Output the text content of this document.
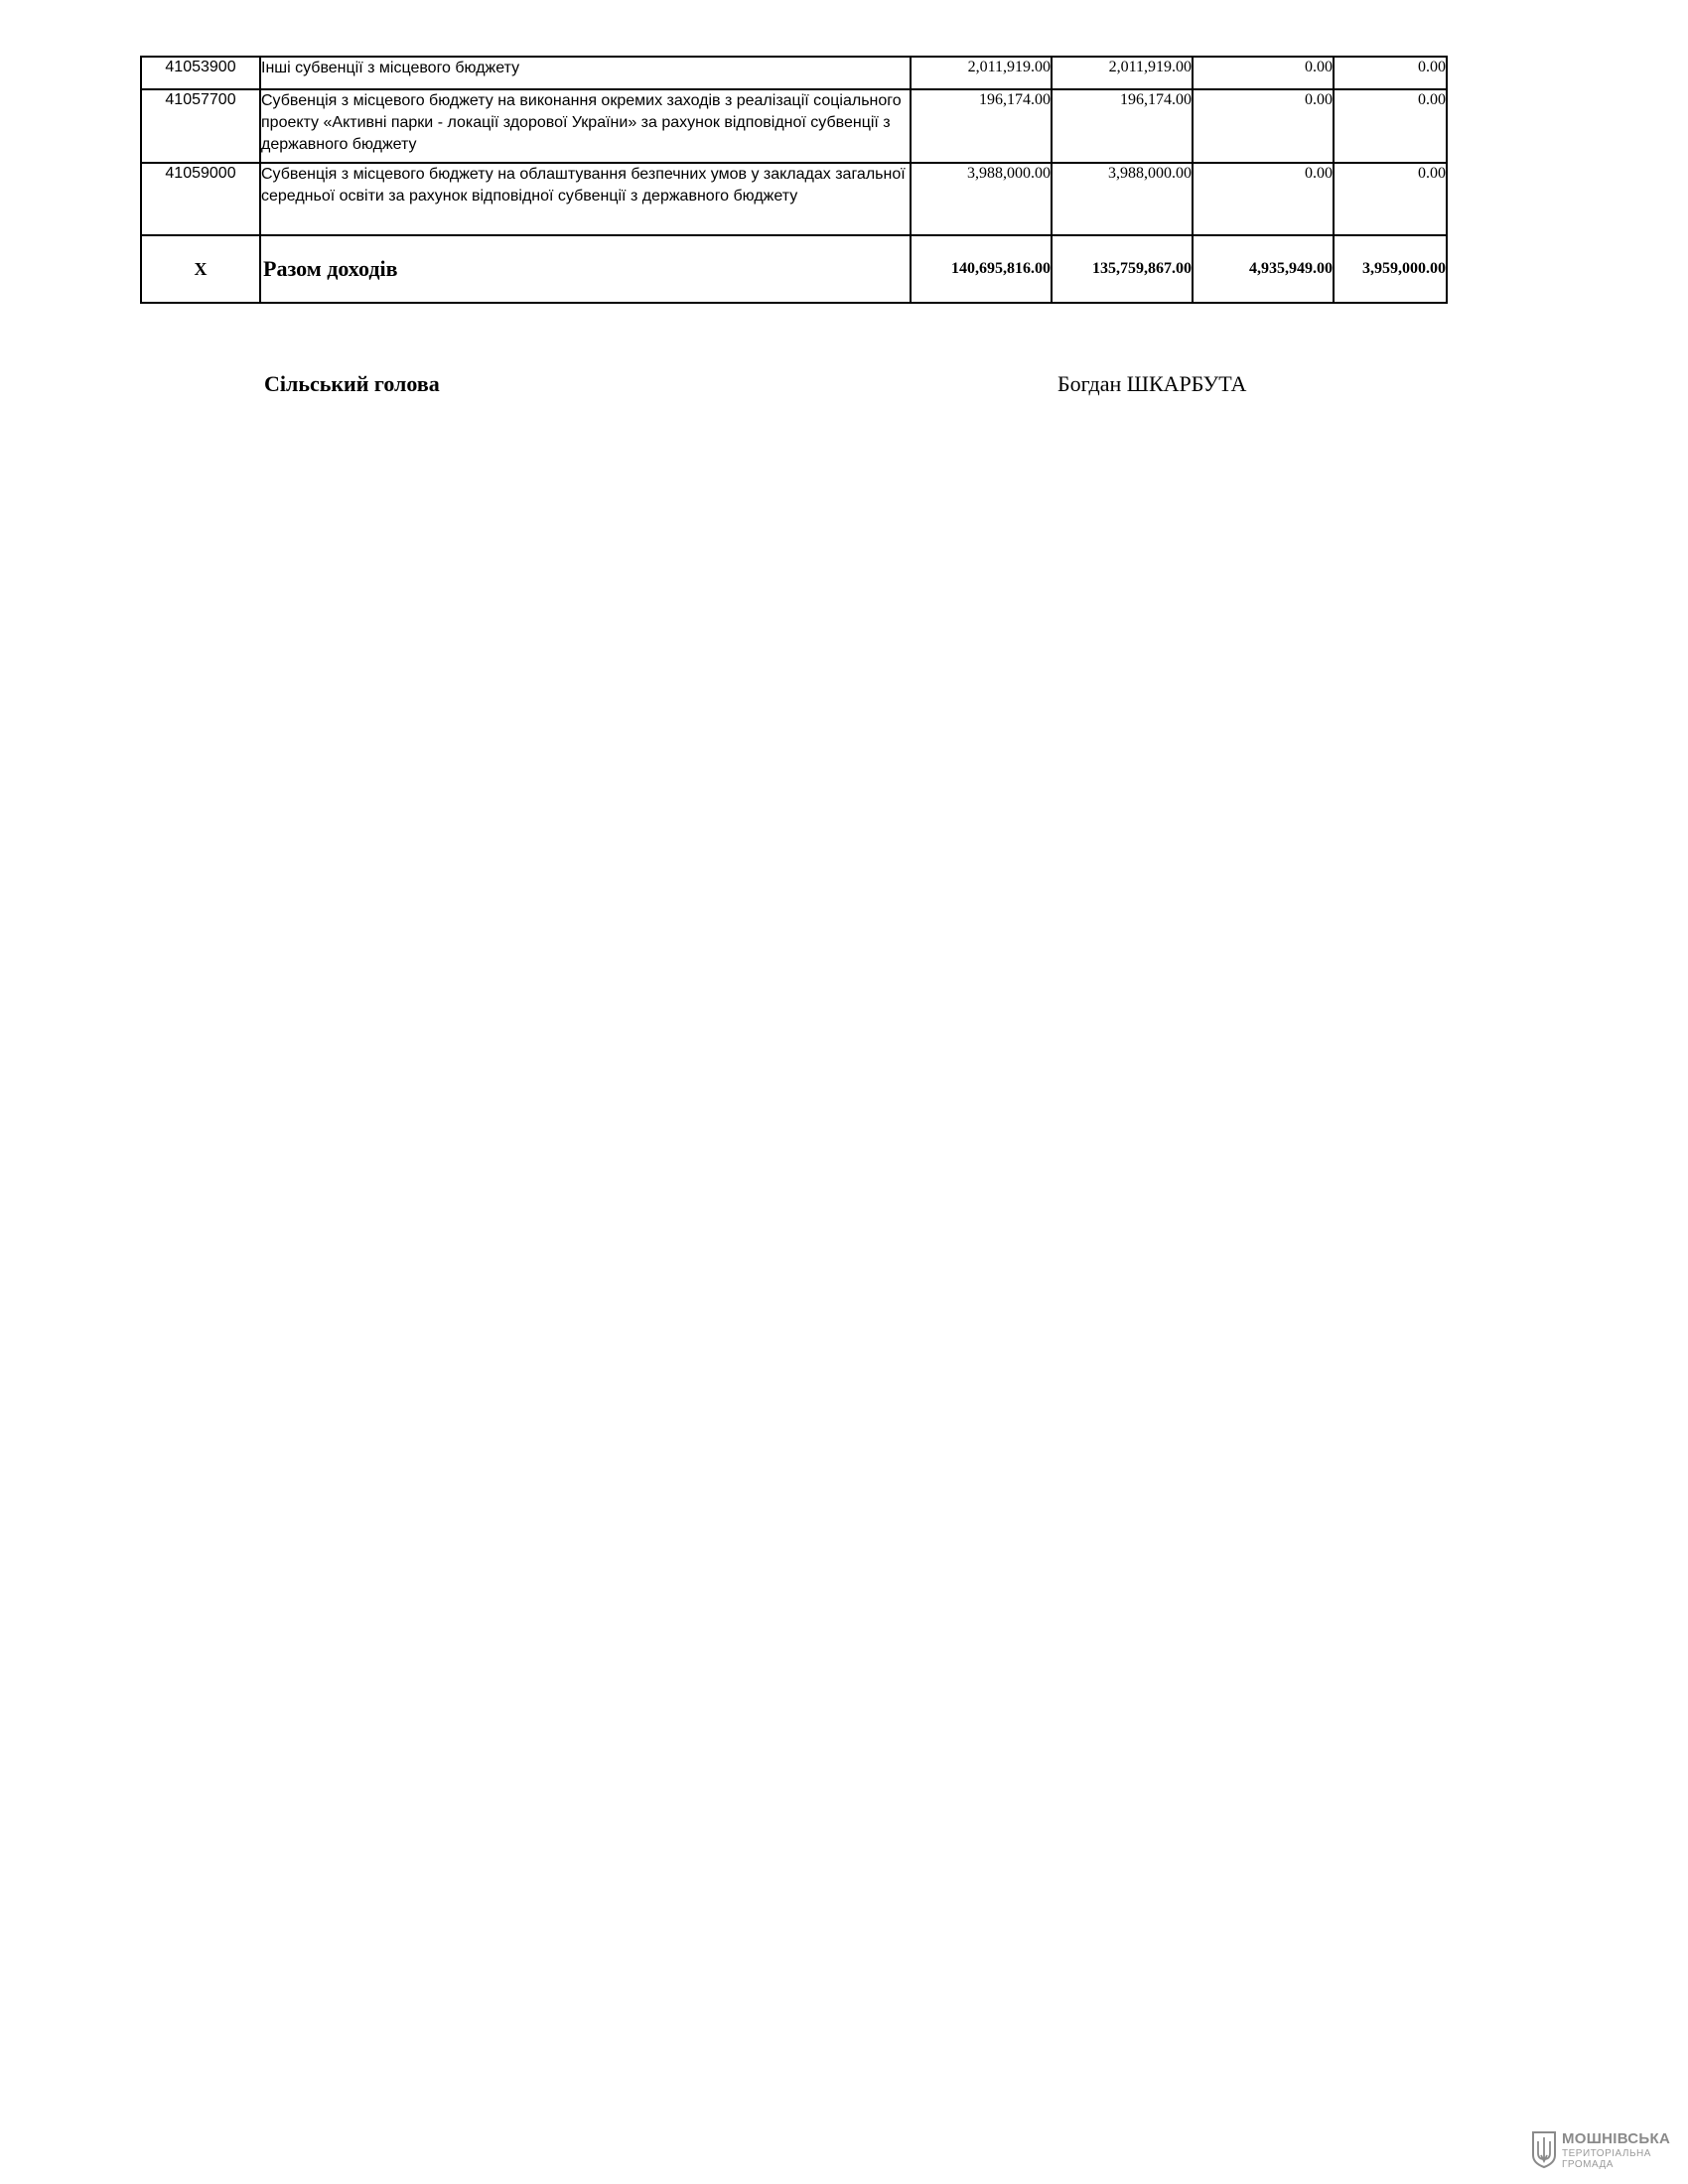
41053900	Інші субвенції з місцевого бюджету	2,011,919.00	2,011,919.00	0.00	0.00
41057700	Субвенція з місцевого бюджету на виконання окремих заходів з реалізації соціального проекту «Активні парки - локації здорової України» за рахунок відповідної субвенції з державного бюджету	196,174.00	196,174.00	0.00	0.00
41059000	Субвенція з місцевого бюджету на облаштування безпечних умов у закладах загальної середньої освіти за рахунок відповідної субвенції з державного бюджету	3,988,000.00	3,988,000.00	0.00	0.00
X	Разом доходів	140,695,816.00	135,759,867.00	4,935,949.00	3,959,000.00
Сільський голова	Богдан ШКАРБУТА
МОШНІВСЬКА
ТЕРИТОРІАЛЬНА
ГРОМАДА
